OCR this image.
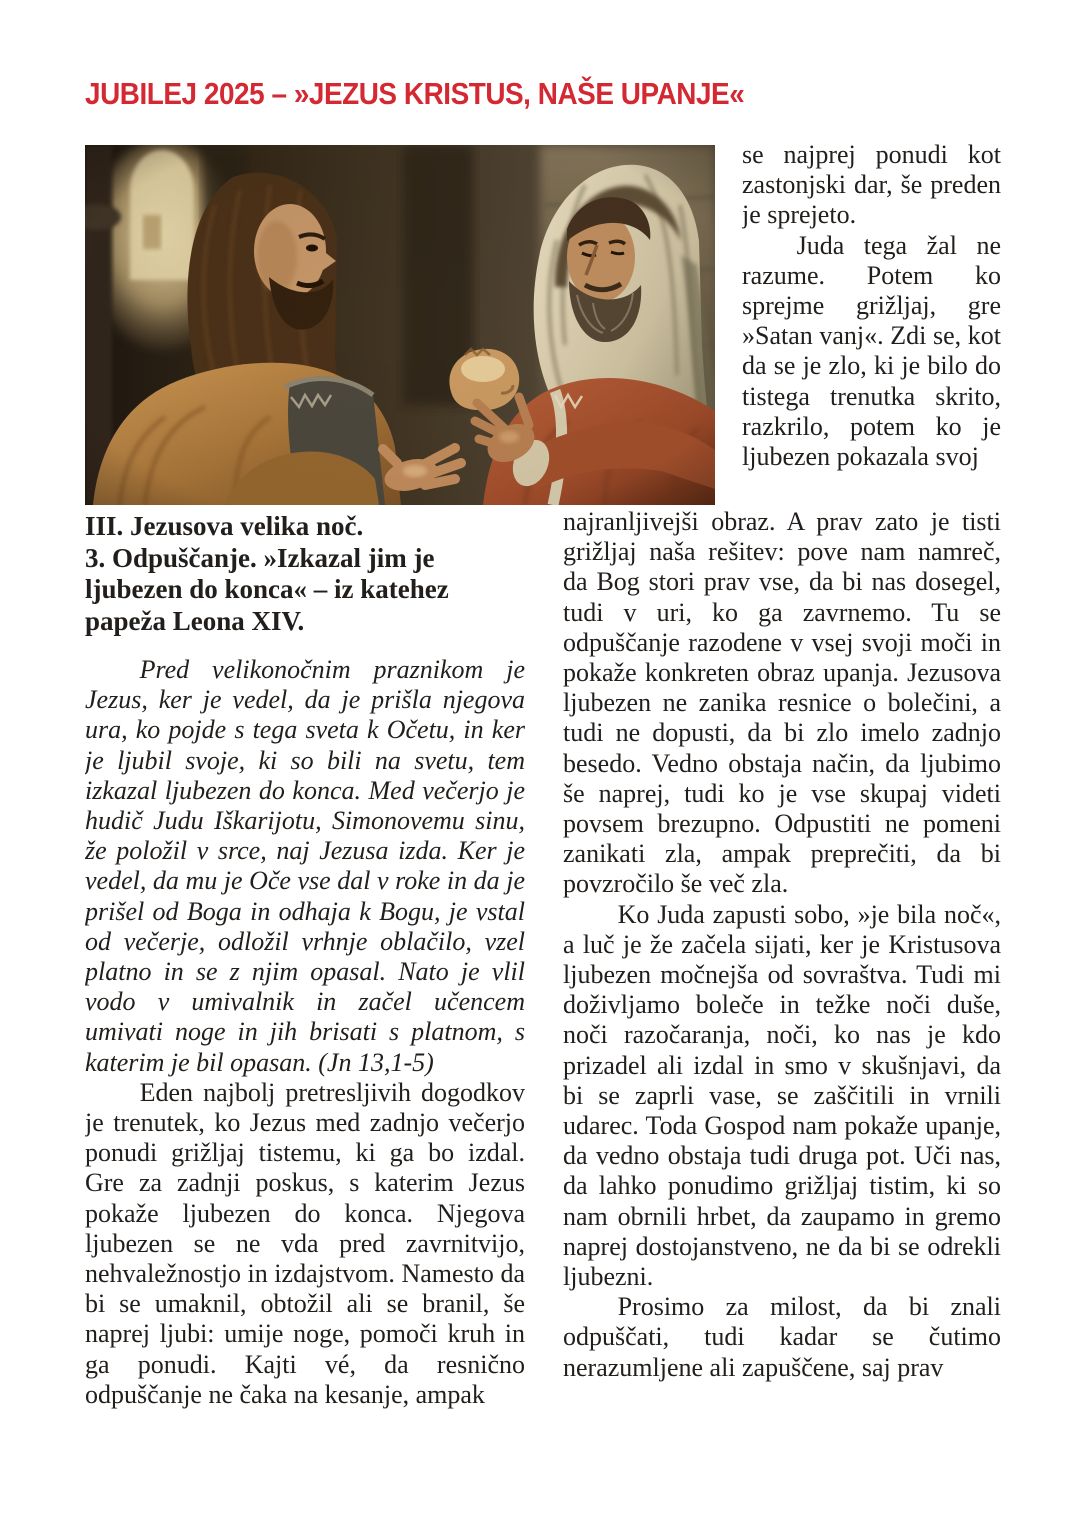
JUBILEJ 2025 – »JEZUS KRISTUS, NAŠE UPANJE«

se najprej ponudi kot zastonjski dar, še preden je sprejeto.

Juda tega žal ne razume. Potem ko sprejme grižljaj, gre »Satan vanj«. Zdi se, kot da se je zlo, ki je bilo do tistega trenutka skrito, razkrilo, potem ko je ljubezen pokazala svoj

III. Jezusova velika noč.
3. Odpuščanje. »Izkazal jim je ljubezen do konca« – iz katehez papeža Leona XIV.

Pred velikonočnim praznikom je Jezus, ker je vedel, da je prišla njegova ura, ko pojde s tega sveta k Očetu, in ker je ljubil svoje, ki so bili na svetu, tem izkazal ljubezen do konca. Med večerjo je hudič Judu Iškarijotu, Simonovemu sinu, že položil v srce, naj Jezusa izda. Ker je vedel, da mu je Oče vse dal v roke in da je prišel od Boga in odhaja k Bogu, je vstal od večerje, odložil vrhnje oblačilo, vzel platno in se z njim opasal. Nato je vlil vodo v umivalnik in začel učencem umivati noge in jih brisati s platnom, s katerim je bil opasan. (Jn 13,1-5)

Eden najbolj pretresljivih dogodkov je trenutek, ko Jezus med zadnjo večerjo ponudi grižljaj tistemu, ki ga bo izdal. Gre za zadnji poskus, s katerim Jezus pokaže ljubezen do konca. Njegova ljubezen se ne vda pred zavrnitvijo, nehvaležnostjo in izdajstvom. Namesto da bi se umaknil, obtožil ali se branil, še naprej ljubi: umije noge, pomoči kruh in ga ponudi. Kajti vé, da resnično odpuščanje ne čaka na kesanje, ampak

najranljivejši obraz. A prav zato je tisti grižljaj naša rešitev: pove nam namreč, da Bog stori prav vse, da bi nas dosegel, tudi v uri, ko ga zavrnemo. Tu se odpuščanje razodene v vsej svoji moči in pokaže konkreten obraz upanja. Jezusova ljubezen ne zanika resnice o bolečini, a tudi ne dopusti, da bi zlo imelo zadnjo besedo. Vedno obstaja način, da ljubimo še naprej, tudi ko je vse skupaj videti povsem brezupno. Odpustiti ne pomeni zanikati zla, ampak preprečiti, da bi povzročilo še več zla.

Ko Juda zapusti sobo, »je bila noč«, a luč je že začela sijati, ker je Kristusova ljubezen močnejša od sovraštva. Tudi mi doživljamo boleče in težke noči duše, noči razočaranja, noči, ko nas je kdo prizadel ali izdal in smo v skušnjavi, da bi se zaprli vase, se zaščitili in vrnili udarec. Toda Gospod nam pokaže upanje, da vedno obstaja tudi druga pot. Uči nas, da lahko ponudimo grižljaj tistim, ki so nam obrnili hrbet, da zaupamo in gremo naprej dostojanstveno, ne da bi se odrekli ljubezni.

Prosimo za milost, da bi znali odpuščati, tudi kadar se čutimo nerazumljene ali zapuščene, saj prav
